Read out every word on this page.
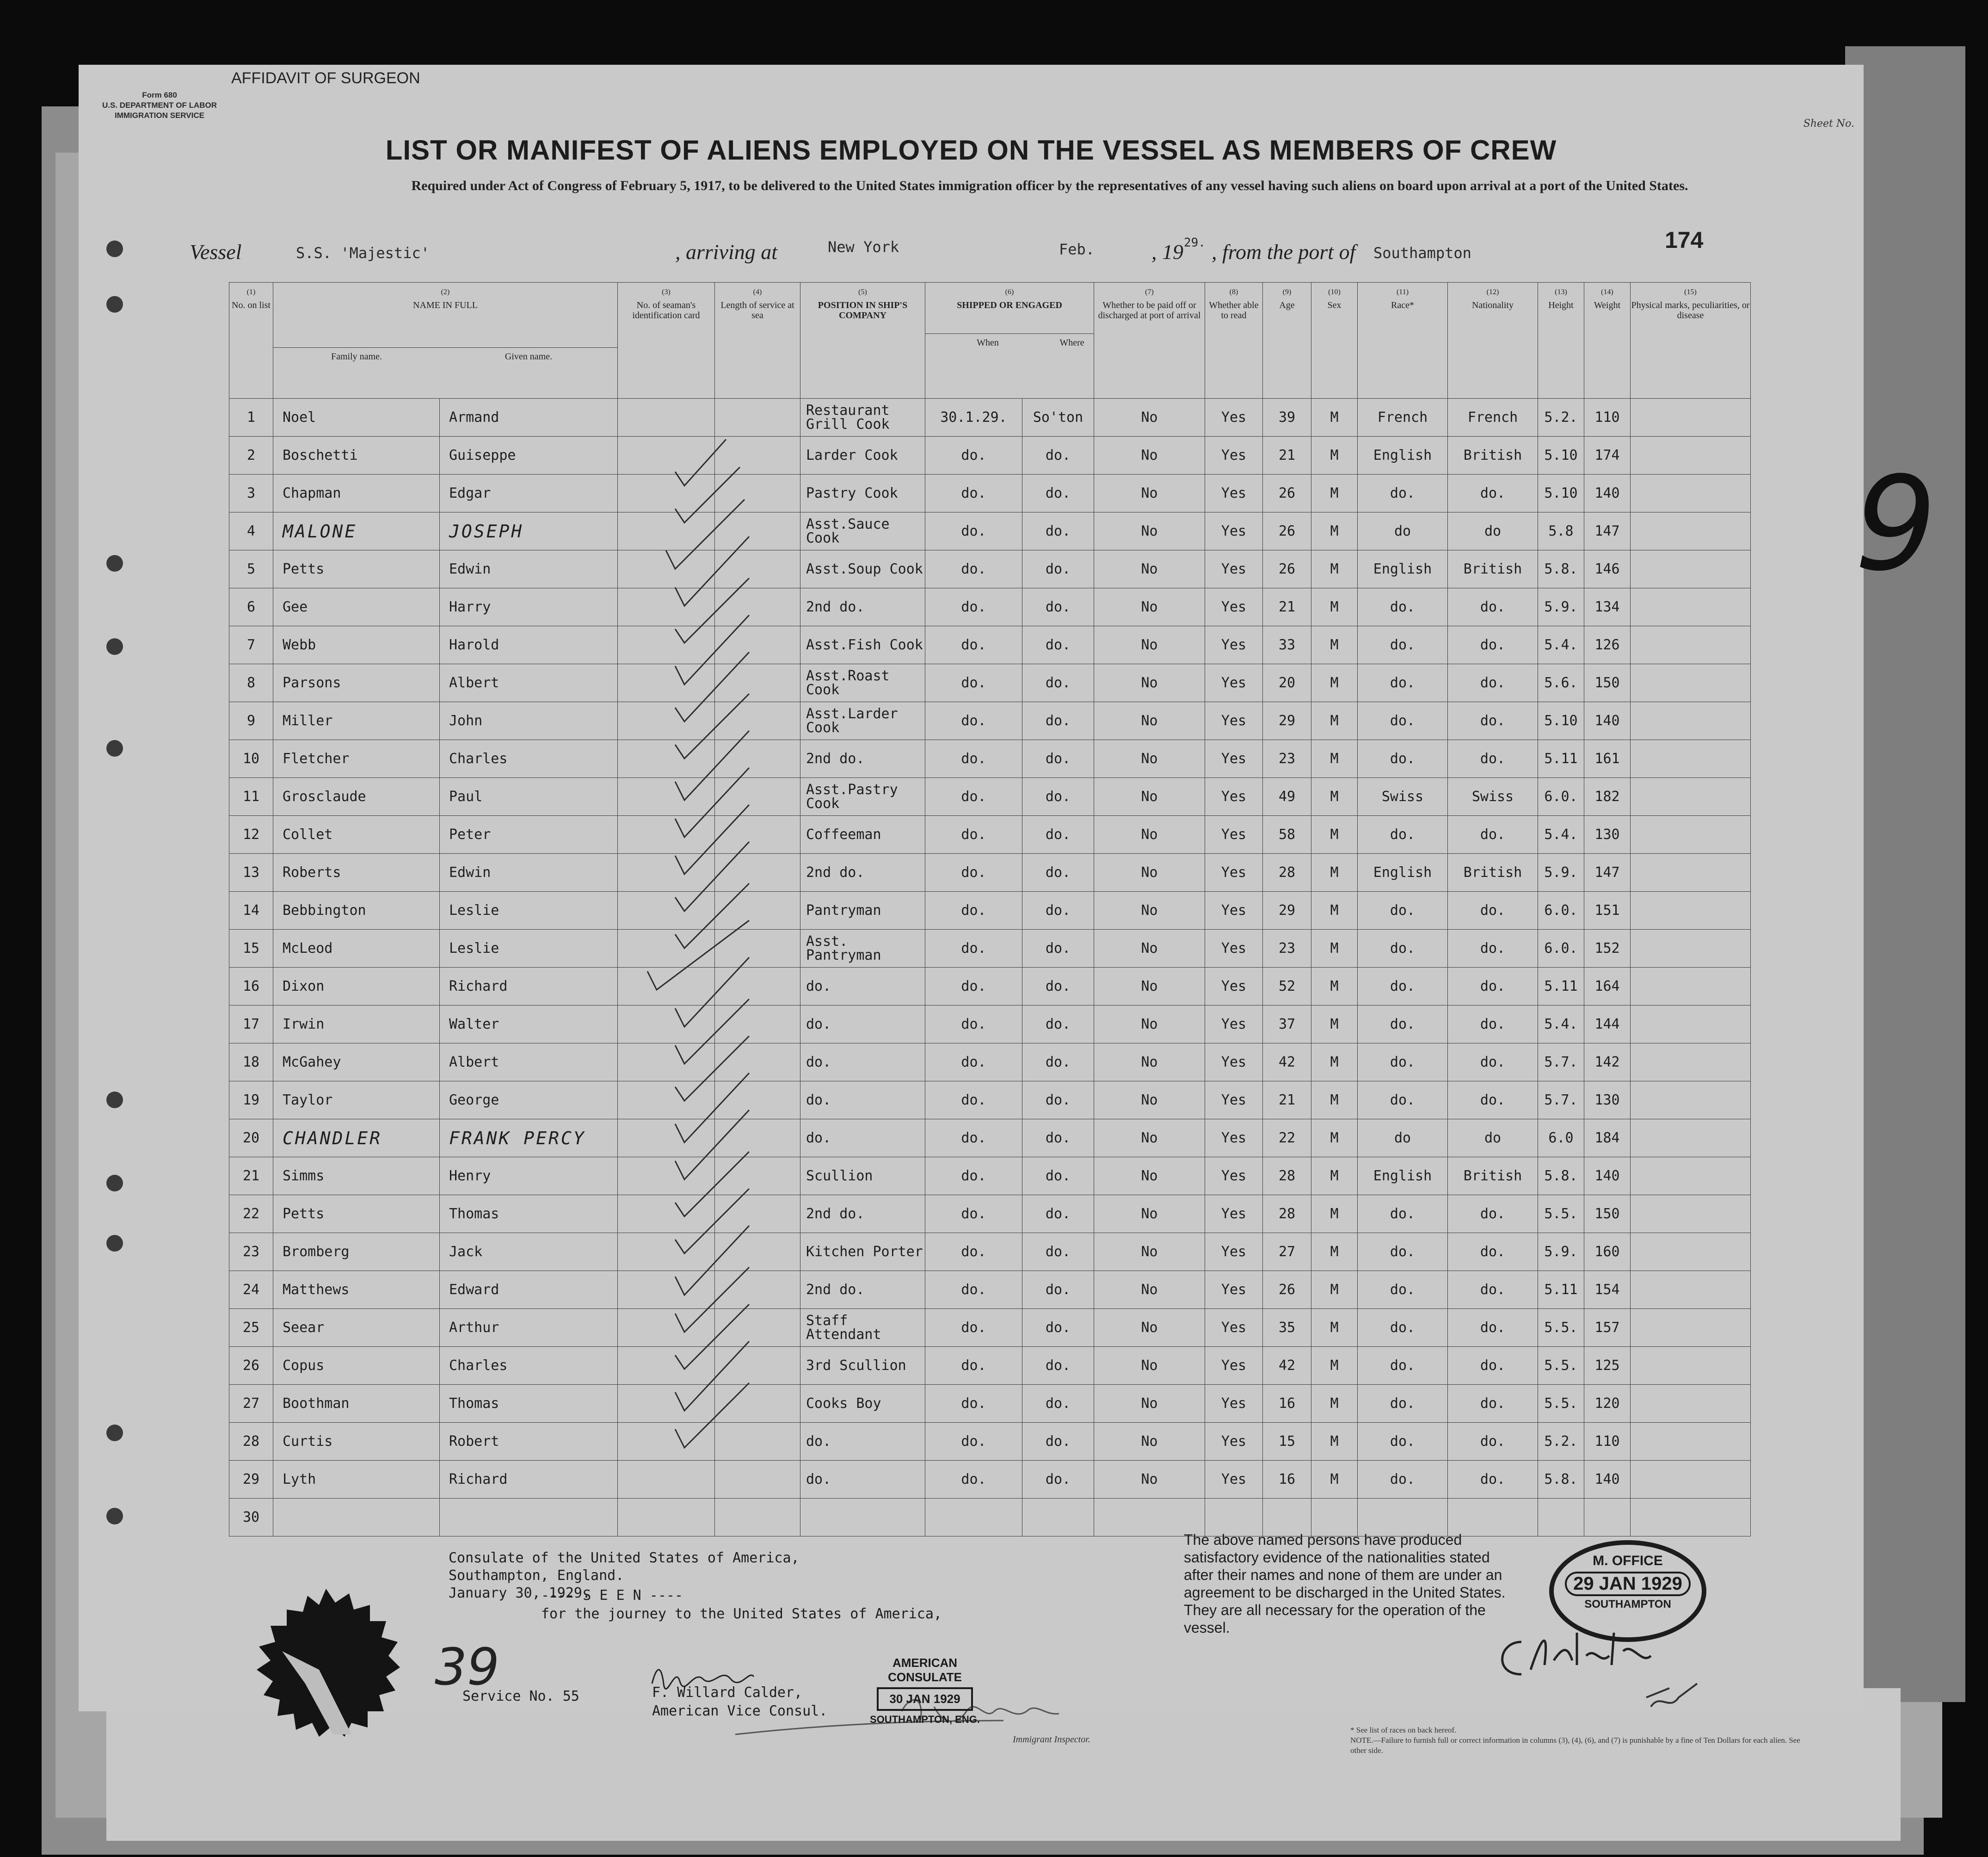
AFFIDAVIT OF SURGEON
Form 680
U.S. DEPARTMENT OF LABOR
IMMIGRATION SERVICE
Sheet No.
LIST OR MANIFEST OF ALIENS EMPLOYED ON THE VESSEL AS MEMBERS OF CREW
Required under Act of Congress of February 5, 1917, to be delivered to the United States immigration officer by the representatives of any vessel having such aliens on board upon arrival at a port of the United States.
Vessel	S.S. 'Majestic'	, arriving at	New York	Feb.	, 19 29. , from the port of Southampton	174
(1)
No. on list	(2)
NAME IN FULL
Family name. Given name.		(3)
No. of seaman's identification card	(4)
Length of service at sea	(5)
POSITION IN SHIP'S COMPANY	(6)
SHIPPED OR ENGAGED
When Where		(7)
Whether to be paid off or discharged at port of arrival	(8)
Whether able to read	(9)
Age	(10)
Sex	(11)
Race*	(12)
Nationality	(13)
Height	(14)
Weight	(15)
Physical marks, peculiarities, or disease
1	Noel	Armand			Restaurant Grill Cook	30.1.29.	So'ton	No	Yes	39	M	French	French	5.2.	110	
2	Boschetti	Guiseppe			Larder Cook	do.	do.	No	Yes	21	M	English	British	5.10	174	
3	Chapman	Edgar			Pastry Cook	do.	do.	No	Yes	26	M	do.	do.	5.10	140	
4	MALONE	JOSEPH			Asst.Sauce Cook	do.	do.	No	Yes	26	M	do	do	5.8	147	
5	Petts	Edwin			Asst.Soup Cook	do.	do.	No	Yes	26	M	English	British	5.8.	146	
6	Gee	Harry			2nd do.	do.	do.	No	Yes	21	M	do.	do.	5.9.	134	
7	Webb	Harold			Asst.Fish Cook	do.	do.	No	Yes	33	M	do.	do.	5.4.	126	
8	Parsons	Albert			Asst.Roast Cook	do.	do.	No	Yes	20	M	do.	do.	5.6.	150	
9	Miller	John			Asst.Larder Cook	do.	do.	No	Yes	29	M	do.	do.	5.10	140	
10	Fletcher	Charles			2nd do.	do.	do.	No	Yes	23	M	do.	do.	5.11	161	
11	Grosclaude	Paul			Asst.Pastry Cook	do.	do.	No	Yes	49	M	Swiss	Swiss	6.0.	182	
12	Collet	Peter			Coffeeman	do.	do.	No	Yes	58	M	do.	do.	5.4.	130	
13	Roberts	Edwin			2nd do.	do.	do.	No	Yes	28	M	English	British	5.9.	147	
14	Bebbington	Leslie			Pantryman	do.	do.	No	Yes	29	M	do.	do.	6.0.	151	
15	McLeod	Leslie			Asst. Pantryman	do.	do.	No	Yes	23	M	do.	do.	6.0.	152	
16	Dixon	Richard			do.	do.	do.	No	Yes	52	M	do.	do.	5.11	164	
17	Irwin	Walter			do.	do.	do.	No	Yes	37	M	do.	do.	5.4.	144	
18	McGahey	Albert			do.	do.	do.	No	Yes	42	M	do.	do.	5.7.	142	
19	Taylor	George			do.	do.	do.	No	Yes	21	M	do.	do.	5.7.	130	
20	CHANDLER	FRANK PERCY			do.	do.	do.	No	Yes	22	M	do	do	6.0	184	
21	Simms	Henry			Scullion	do.	do.	No	Yes	28	M	English	British	5.8.	140	
22	Petts	Thomas			2nd do.	do.	do.	No	Yes	28	M	do.	do.	5.5.	150	
23	Bromberg	Jack			Kitchen Porter	do.	do.	No	Yes	27	M	do.	do.	5.9.	160	
24	Matthews	Edward			2nd do.	do.	do.	No	Yes	26	M	do.	do.	5.11	154	
25	Seear	Arthur			Staff Attendant	do.	do.	No	Yes	35	M	do.	do.	5.5.	157	
26	Copus	Charles			3rd Scullion	do.	do.	No	Yes	42	M	do.	do.	5.5.	125	
27	Boothman	Thomas			Cooks Boy	do.	do.	No	Yes	16	M	do.	do.	5.5.	120	
28	Curtis	Robert			do.	do.	do.	No	Yes	15	M	do.	do.	5.2.	110	
29	Lyth	Richard			do.	do.	do.	No	Yes	16	M	do.	do.	5.8.	140	
30																
Consulate of the United States of America,
Southampton, England.
January 30, 1929.
---- S E E N ----
for the journey to the United States of America,
F. Willard Calder,
American Vice Consul.
Service No. 55
39
Immigrant Inspector.
AMERICAN CONSULATE
30 JAN 1929
SOUTHAMPTON, ENG.
The above named persons have produced satisfactory evidence of the nationalities stated after their names and none of them are under an agreement to be discharged in the United States. They are all necessary for the operation of the vessel.
M. OFFICE
29 JAN 1929
SOUTHAMPTON
* See list of races on back hereof.
NOTE.—Failure to furnish full or correct information in columns (3), (4), (6), and (7) is punishable by a fine of Ten Dollars for each alien. See other side.
9
